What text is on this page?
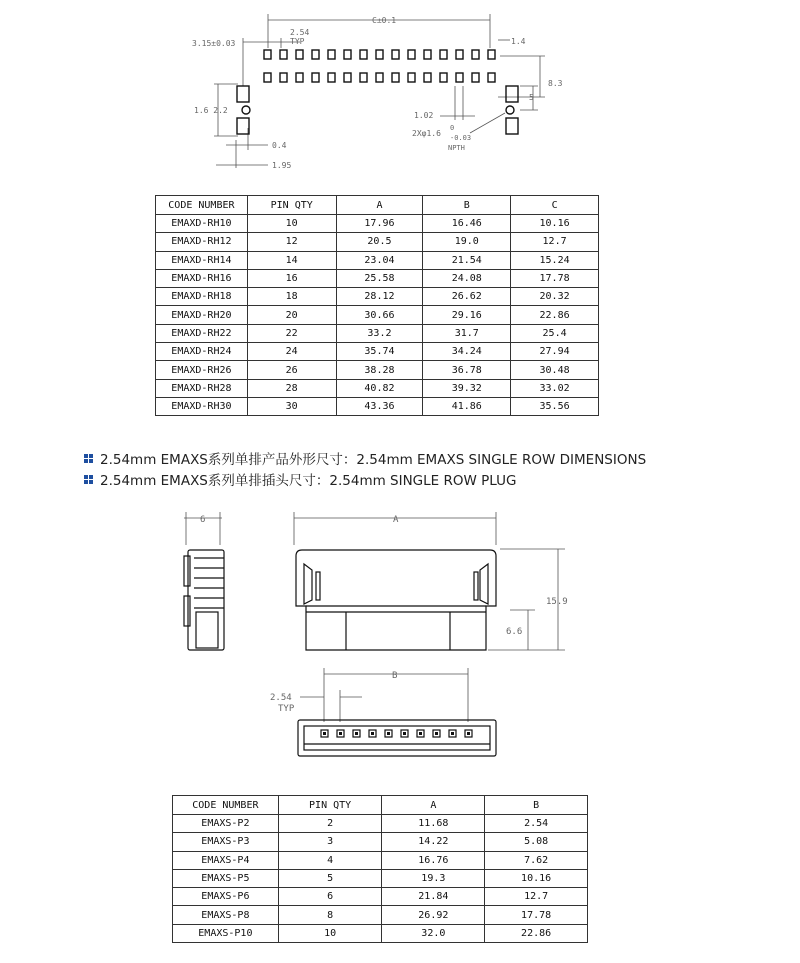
C±0.1
2.54
TYP
3.15±0.03	1.4
8.3
5
1.6 2.2
1.02
2Xφ1.6
0
-0.03
NPTH
0.4
1.95
CODE NUMBER	PIN QTY	A	B	C
EMAXD-RH10	10	17.96	16.46	10.16
EMAXD-RH12	12	20.5	19.0	12.7
EMAXD-RH14	14	23.04	21.54	15.24
EMAXD-RH16	16	25.58	24.08	17.78
EMAXD-RH18	18	28.12	26.62	20.32
EMAXD-RH20	20	30.66	29.16	22.86
EMAXD-RH22	22	33.2	31.7	25.4
EMAXD-RH24	24	35.74	34.24	27.94
EMAXD-RH26	26	38.28	36.78	30.48
EMAXD-RH28	28	40.82	39.32	33.02
EMAXD-RH30	30	43.36	41.86	35.56
2.54mm EMAXS系列单排产品外形尺寸：2.54mm EMAXS SINGLE ROW DIMENSIONS
2.54mm EMAXS系列单排插头尺寸：2.54mm SINGLE ROW PLUG
6	A
15.9
6.6
B
2.54
TYP
CODE NUMBER	PIN QTY	A	B
EMAXS-P2	2	11.68	2.54
EMAXS-P3	3	14.22	5.08
EMAXS-P4	4	16.76	7.62
EMAXS-P5	5	19.3	10.16
EMAXS-P6	6	21.84	12.7
EMAXS-P8	8	26.92	17.78
EMAXS-P10	10	32.0	22.86
